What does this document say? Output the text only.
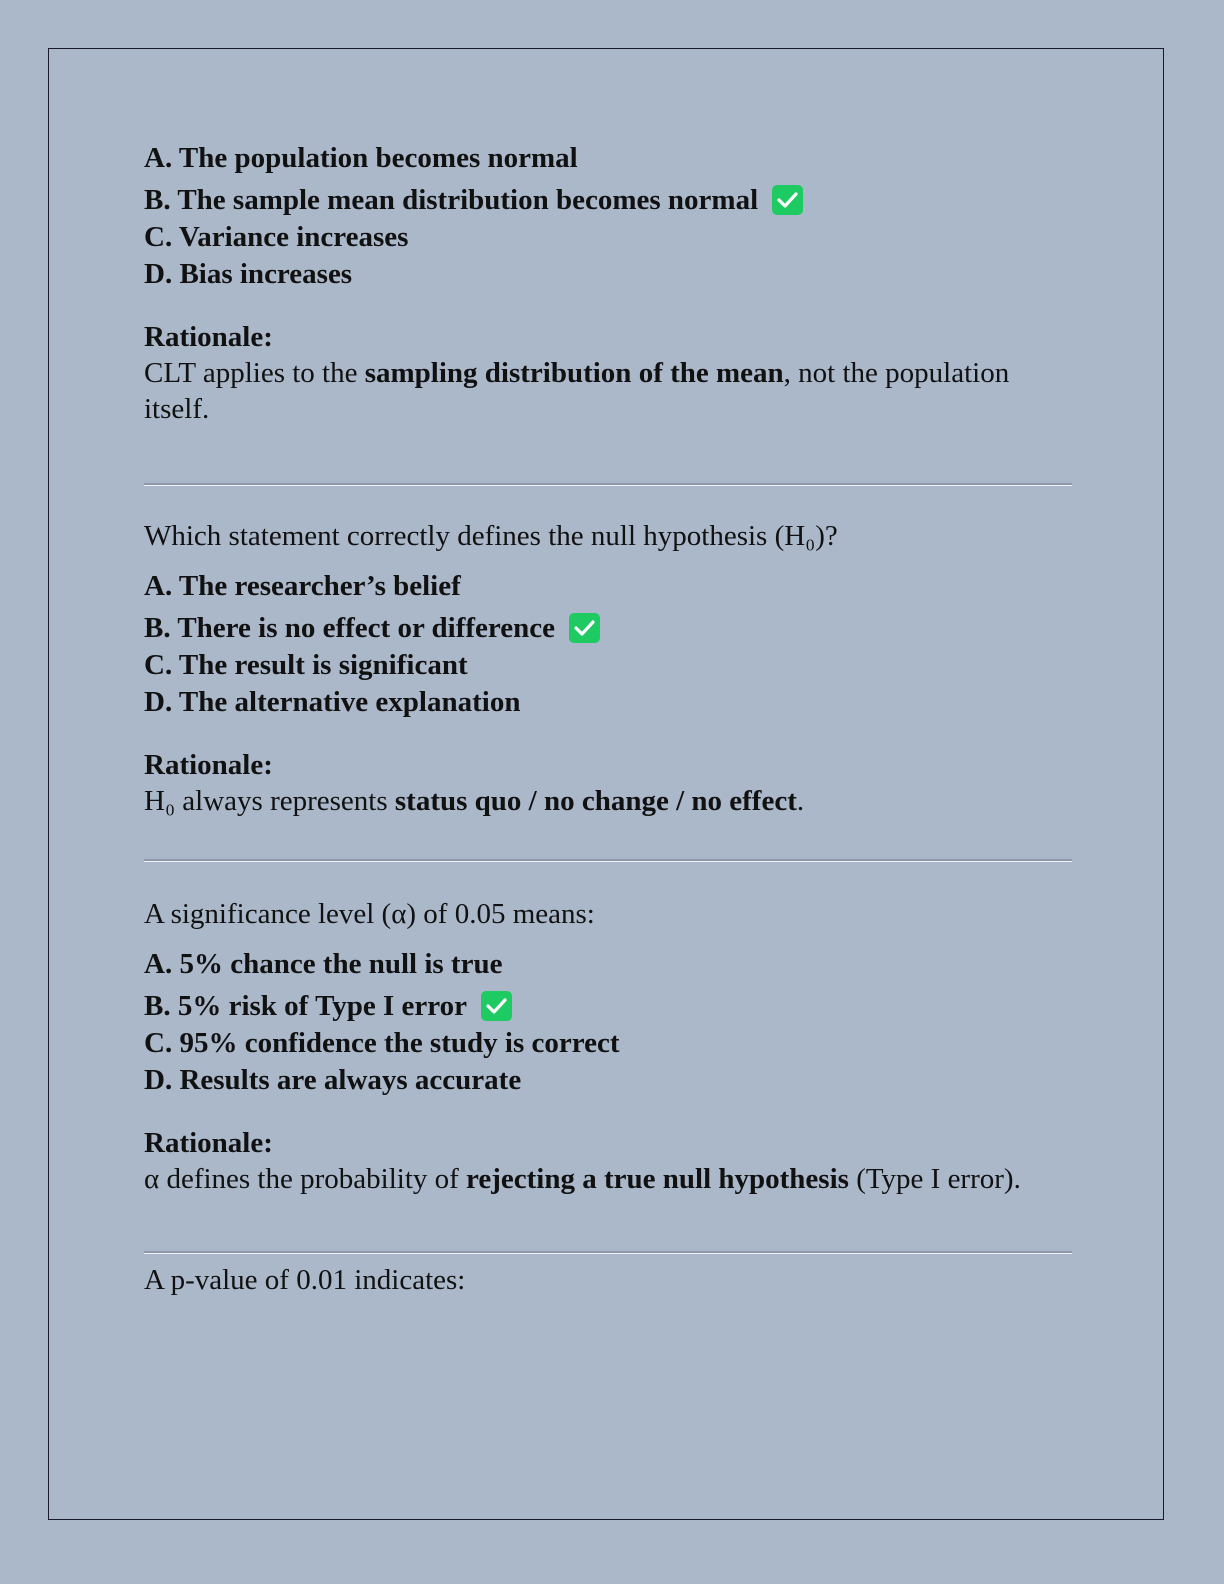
A. The population becomes normal
B. The sample mean distribution becomes normal
C. Variance increases
D. Bias increases
Rationale:
CLT applies to the sampling distribution of the mean, not the population itself.
Which statement correctly defines the null hypothesis (H₀)?
A. The researcher’s belief
B. There is no effect or difference
C. The result is significant
D. The alternative explanation
Rationale:
H₀ always represents status quo / no change / no effect.
A significance level (α) of 0.05 means:
A. 5% chance the null is true
B. 5% risk of Type I error
C. 95% confidence the study is correct
D. Results are always accurate
Rationale:
α defines the probability of rejecting a true null hypothesis (Type I error).
A p-value of 0.01 indicates:
